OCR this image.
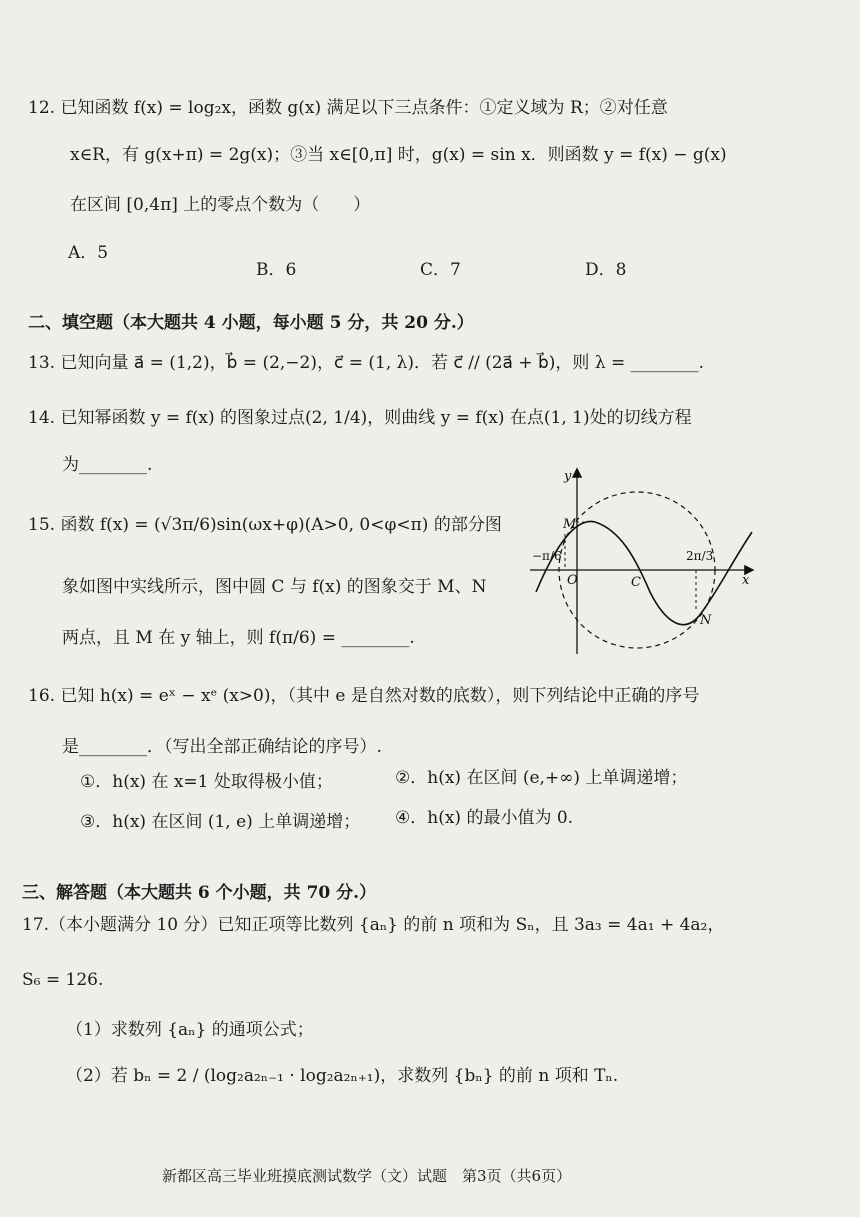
12. 已知函数 f(x) = log₂x，函数 g(x) 满足以下三点条件：①定义域为 R；②对任意
x∈R，有 g(x+π) = 2g(x)；③当 x∈[0,π] 时，g(x) = sin x．则函数 y = f(x) − g(x)
在区间 [0,4π] 上的零点个数为（　　）
A．5
B．6	C．7	D．8
二、填空题（本大题共 4 小题，每小题 5 分，共 20 分.）
13. 已知向量 a⃗ = (1,2)，b⃗ = (2,−2)，c⃗ = (1, λ)．若 c⃗ // (2a⃗ + b⃗)，则 λ = ________.
14. 已知幂函数 y = f(x) 的图象过点(2, 1/4)，则曲线 y = f(x) 在点(1, 1)处的切线方程
为________.
15. 函数 f(x) = (√3π/6)sin(ωx+φ)(A>0, 0<φ<π) 的部分图
象如图中实线所示，图中圆 C 与 f(x) 的图象交于 M、N
两点，且 M 在 y 轴上，则 f(π/6) = ________.
y
x
O
M
C
N
−π/6	2π/3
16. 已知 h(x) = eˣ − xᵉ (x>0)，（其中 e 是自然对数的底数），则下列结论中正确的序号
是________．（写出全部正确结论的序号）.
①．h(x) 在 x=1 处取得极小值；	②．h(x) 在区间 (e,+∞) 上单调递增；
③．h(x) 在区间 (1, e) 上单调递增； ④．h(x) 的最小值为 0.
三、解答题（本大题共 6 个小题，共 70 分.）
17.（本小题满分 10 分）已知正项等比数列 {aₙ} 的前 n 项和为 Sₙ，且 3a₃ = 4a₁ + 4a₂，
S₆ = 126.
（1）求数列 {aₙ} 的通项公式；
（2）若 bₙ = 2 / (log₂a₂ₙ₋₁ · log₂a₂ₙ₊₁)，求数列 {bₙ} 的前 n 项和 Tₙ.
新都区高三毕业班摸底测试数学（文）试题　第3页（共6页）
